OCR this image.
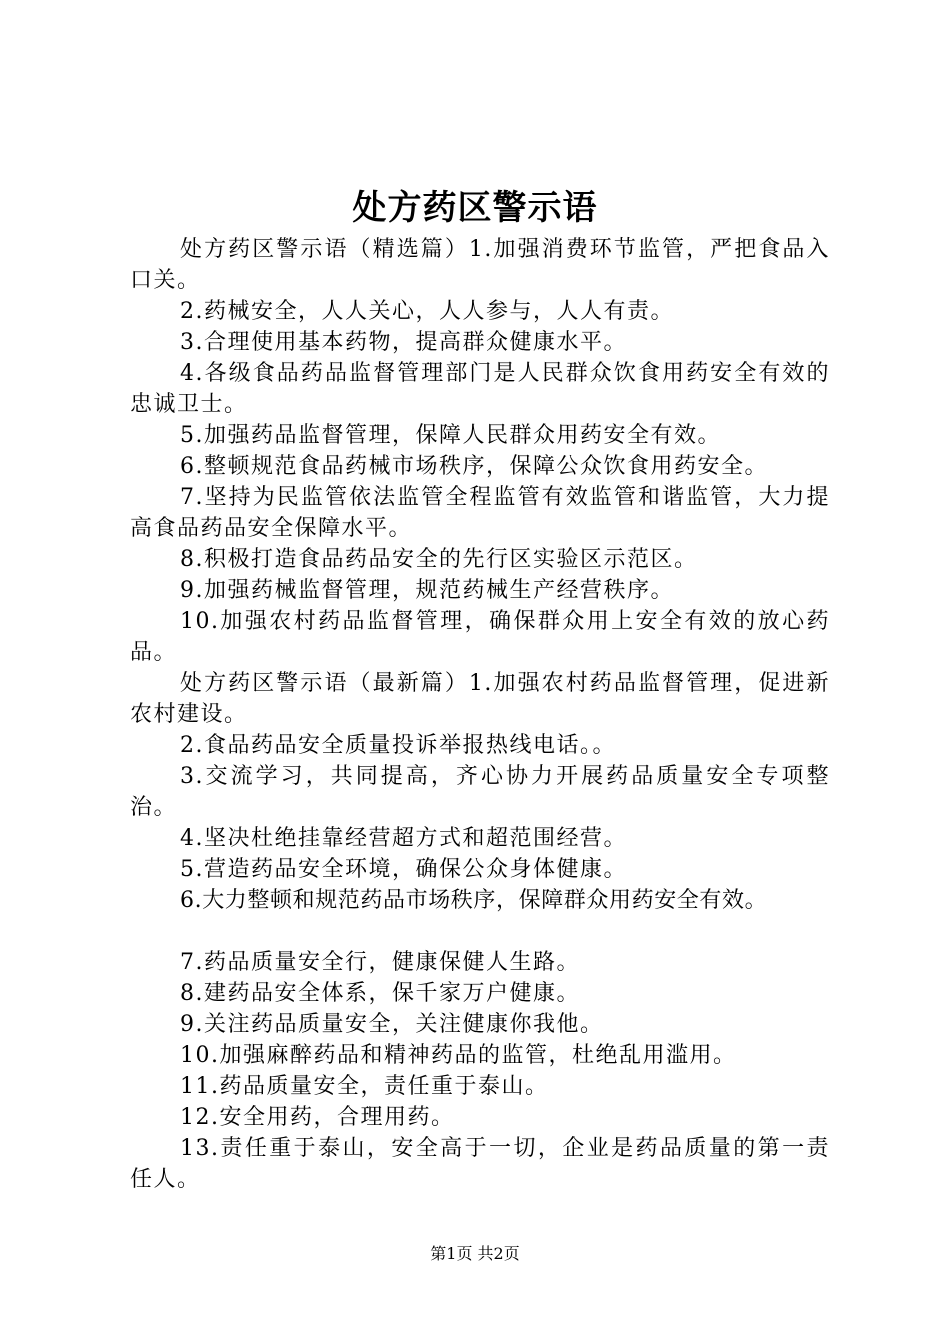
处方药区警示语

处方药区警示语（精选篇）1.加强消费环节监管，严把食品入口关。

2.药械安全，人人关心，人人参与，人人有责。

3.合理使用基本药物，提高群众健康水平。

4.各级食品药品监督管理部门是人民群众饮食用药安全有效的忠诚卫士。

5.加强药品监督管理，保障人民群众用药安全有效。

6.整顿规范食品药械市场秩序，保障公众饮食用药安全。

7.坚持为民监管依法监管全程监管有效监管和谐监管，大力提高食品药品安全保障水平。

8.积极打造食品药品安全的先行区实验区示范区。

9.加强药械监督管理，规范药械生产经营秩序。

10.加强农村药品监督管理，确保群众用上安全有效的放心药品。

处方药区警示语（最新篇）1.加强农村药品监督管理，促进新农村建设。

2.食品药品安全质量投诉举报热线电话。。

3.交流学习，共同提高，齐心协力开展药品质量安全专项整治。

4.坚决杜绝挂靠经营超方式和超范围经营。

5.营造药品安全环境，确保公众身体健康。

6.大力整顿和规范药品市场秩序，保障群众用药安全有效。

7.药品质量安全行，健康保健人生路。

8.建药品安全体系，保千家万户健康。

9.关注药品质量安全，关注健康你我他。

10.加强麻醉药品和精神药品的监管，杜绝乱用滥用。

11.药品质量安全，责任重于泰山。

12.安全用药，合理用药。

13.责任重于泰山，安全高于一切，企业是药品质量的第一责任人。

第1页 共2页
